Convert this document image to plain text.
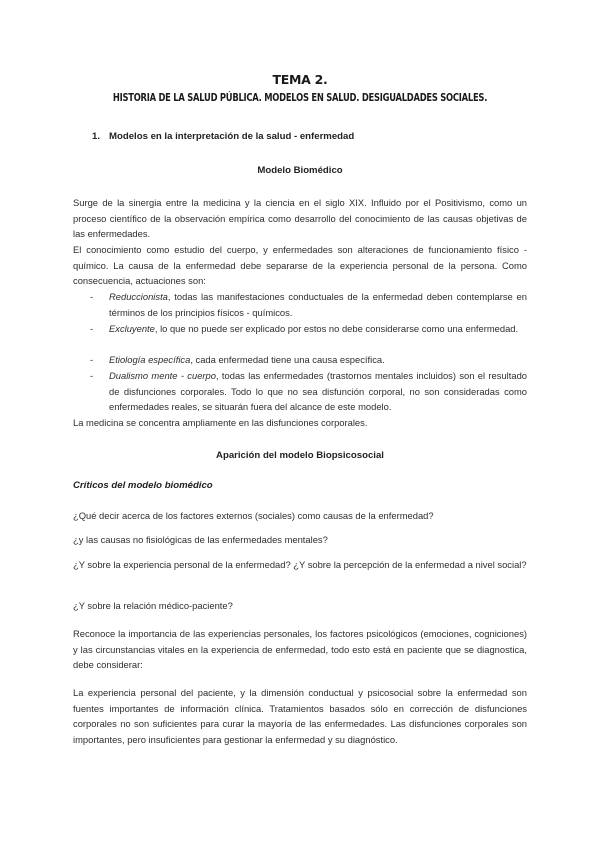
TEMA 2.
HISTORIA DE LA SALUD PÚBLICA. MODELOS EN SALUD. DESIGUALDADES SOCIALES.
1. Modelos en la interpretación de la salud - enfermedad
Modelo Biomédico
Surge de la sinergia entre la medicina y la ciencia en el siglo XIX. Influido por el Positivismo, como un proceso científico de la observación empírica como desarrollo del conocimiento de las causas objetivas de las enfermedades.
El conocimiento como estudio del cuerpo, y enfermedades son alteraciones de funcionamiento físico - químico. La causa de la enfermedad debe separarse de la experiencia personal de la persona. Como consecuencia, actuaciones son:
- Reduccionista, todas las manifestaciones conductuales de la enfermedad deben contemplarse en términos de los principios físicos - químicos.
- Excluyente, lo que no puede ser explicado por estos no debe considerarse como una enfermedad.
- Etiología específica, cada enfermedad tiene una causa específica.
- Dualismo mente - cuerpo, todas las enfermedades (trastornos mentales incluidos) son el resultado de disfunciones corporales. Todo lo que no sea disfunción corporal, no son consideradas como enfermedades reales, se situarán fuera del alcance de este modelo.
La medicina se concentra ampliamente en las disfunciones corporales.
Aparición del modelo Biopsicosocial
Críticos del modelo biomédico
¿Qué decir acerca de los factores externos (sociales) como causas de la enfermedad?
¿y las causas no fisiológicas de las enfermedades mentales?
¿Y sobre la experiencia personal de la enfermedad? ¿Y sobre la percepción de la enfermedad a nivel social?
¿Y sobre la relación médico-paciente?
Reconoce la importancia de las experiencias personales, los factores psicológicos (emociones, cogniciones) y las circunstancias vitales en la experiencia de enfermedad, todo esto está en paciente que se diagnostica, debe considerar:
La experiencia personal del paciente, y la dimensión conductual y psicosocial sobre la enfermedad son fuentes importantes de información clínica. Tratamientos basados sólo en corrección de disfunciones corporales no son suficientes para curar la mayoría de las enfermedades. Las disfunciones corporales son importantes, pero insuficientes para gestionar la enfermedad y su diagnóstico.
